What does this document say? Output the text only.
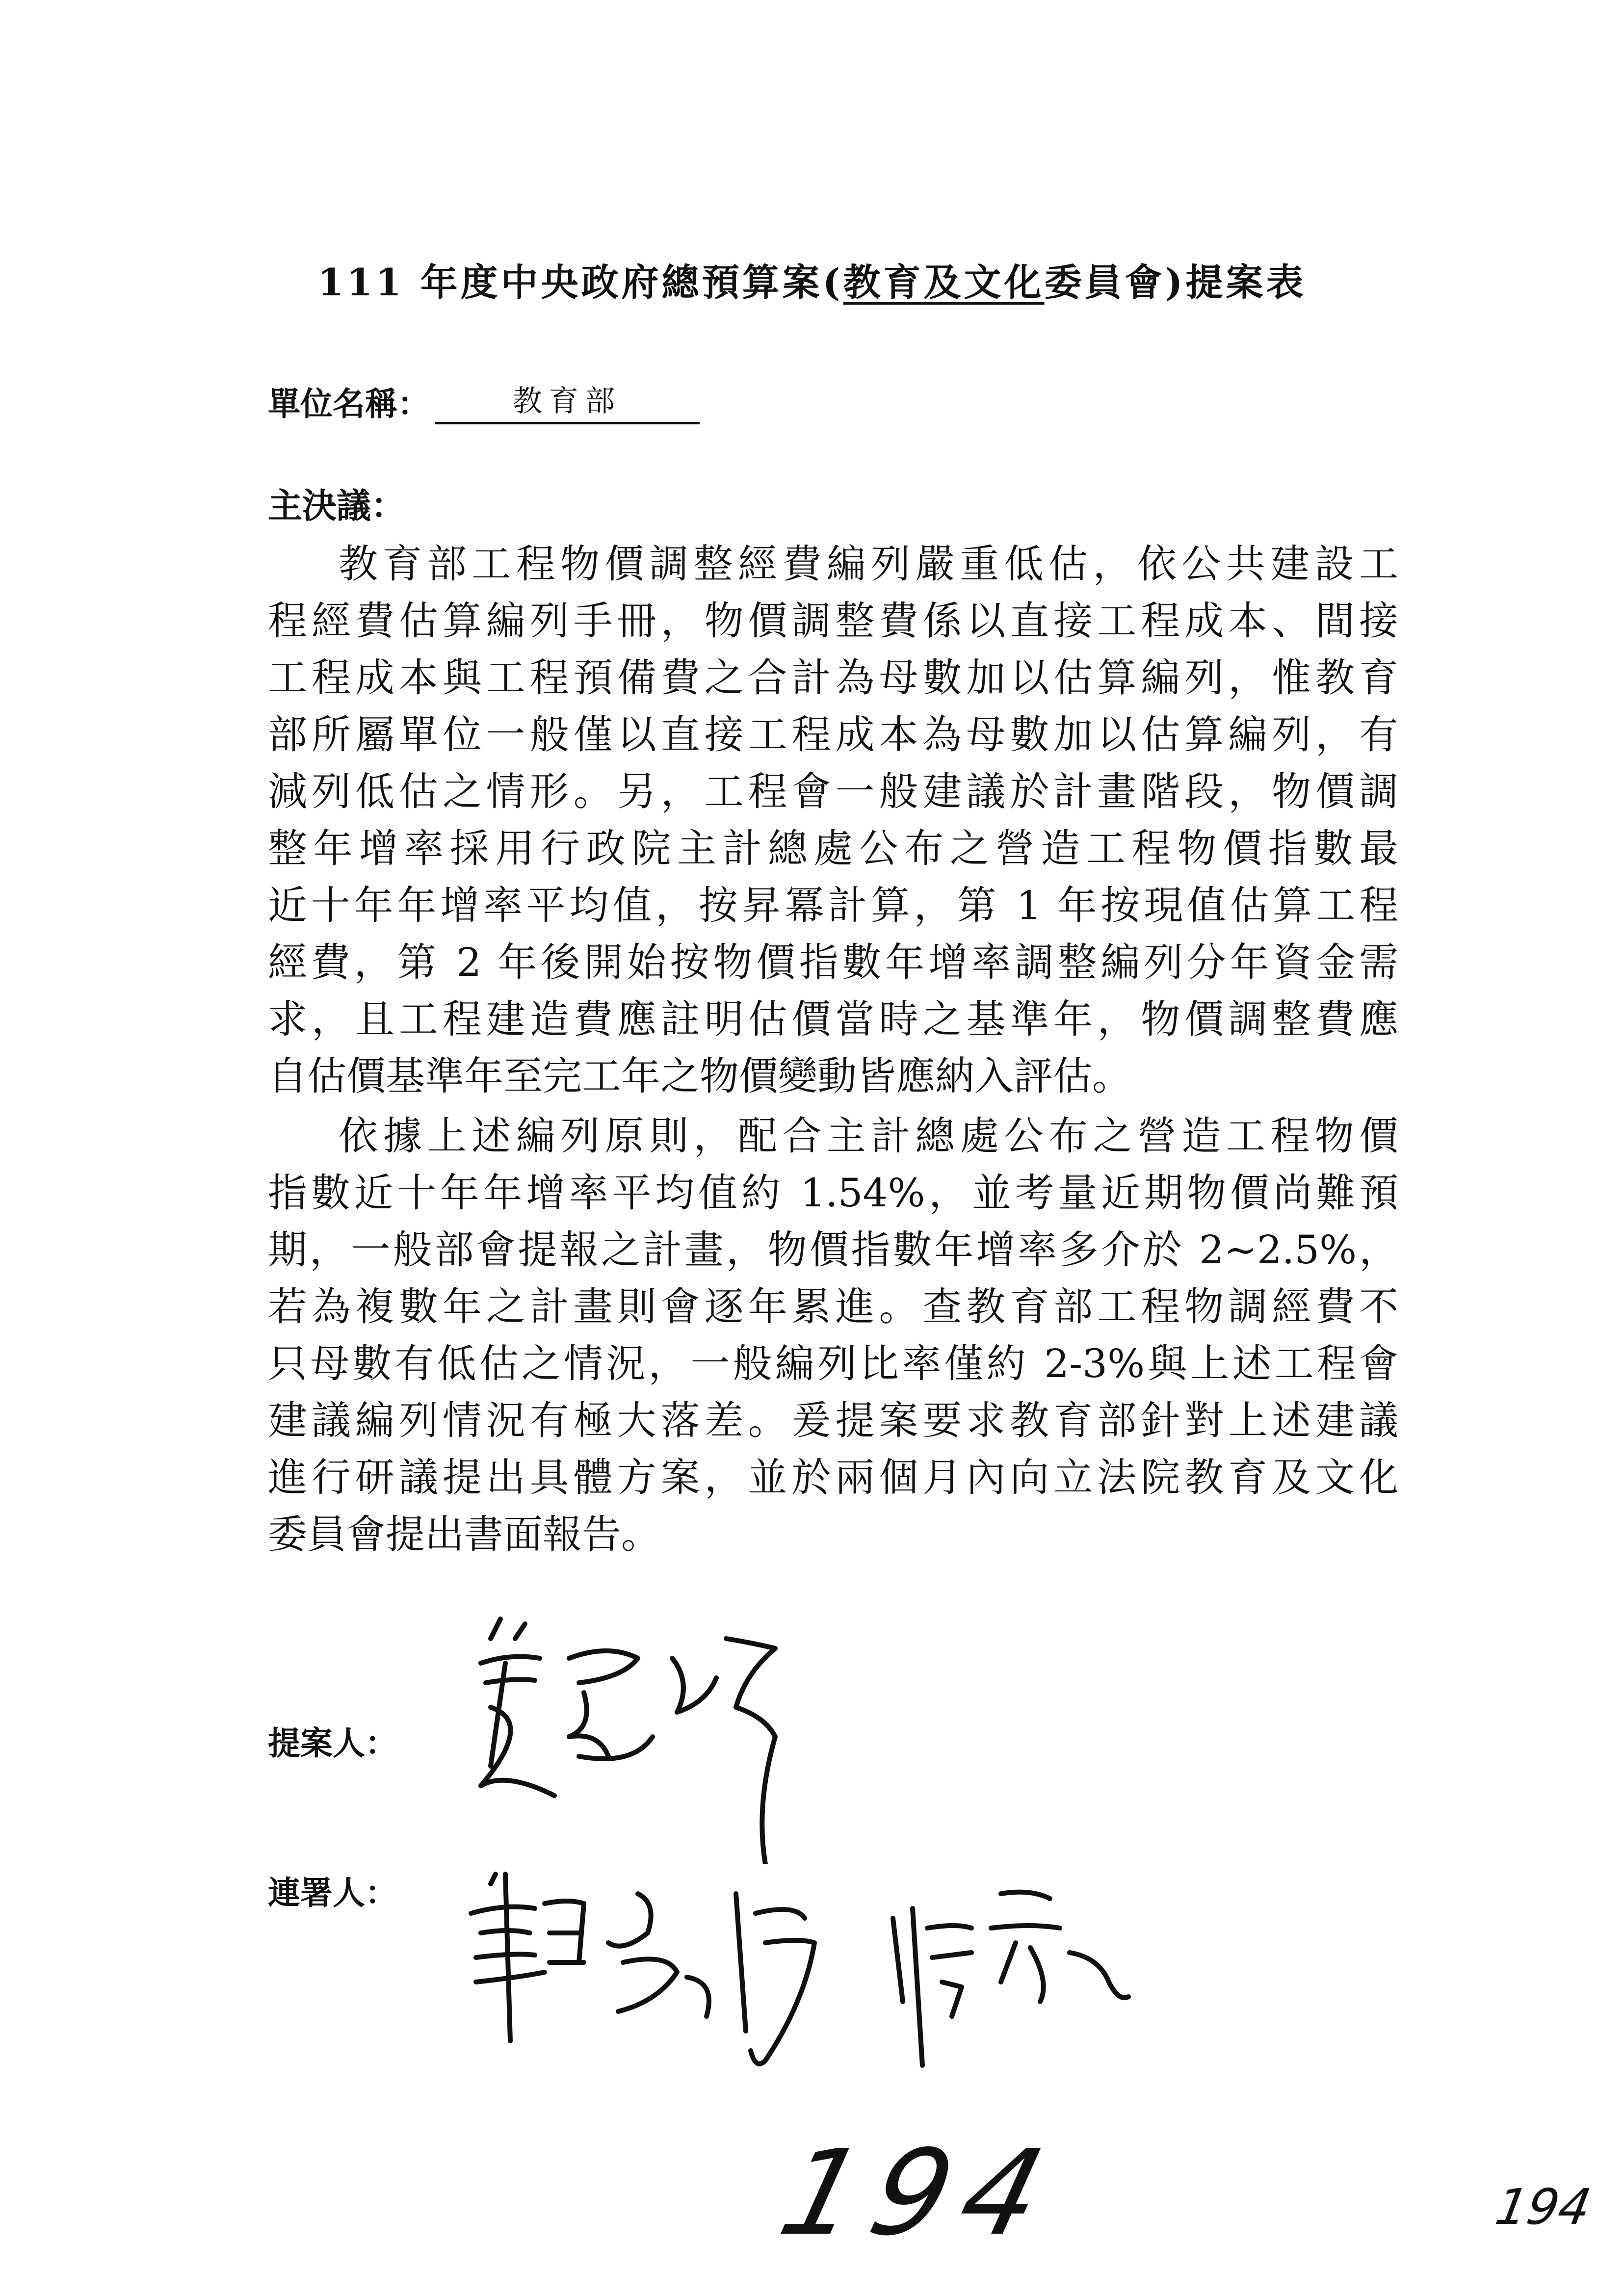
111 年度中央政府總預算案(教育及文化委員會)提案表
單位名稱：	教育部
主決議：
教育部工程物價調整經費編列嚴重低估，依公共建設工
程經費估算編列手冊，物價調整費係以直接工程成本、間接
工程成本與工程預備費之合計為母數加以估算編列，惟教育
部所屬單位一般僅以直接工程成本為母數加以估算編列，有
減列低估之情形。另，工程會一般建議於計畫階段，物價調
整年增率採用行政院主計總處公布之營造工程物價指數最
近十年年增率平均值，按昇冪計算，第 1 年按現值估算工程
經費，第 2 年後開始按物價指數年增率調整編列分年資金需
求，且工程建造費應註明估價當時之基準年，物價調整費應
自估價基準年至完工年之物價變動皆應納入評估。
依據上述編列原則，配合主計總處公布之營造工程物價
指數近十年年增率平均值約 1.54%，並考量近期物價尚難預
期，一般部會提報之計畫，物價指數年增率多介於 2~2.5%，
若為複數年之計畫則會逐年累進。查教育部工程物調經費不
只母數有低估之情況，一般編列比率僅約 2-3%與上述工程會
建議編列情況有極大落差。爰提案要求教育部針對上述建議
進行研議提出具體方案，並於兩個月內向立法院教育及文化
委員會提出書面報告。
提案人：
連署人：
194	194
